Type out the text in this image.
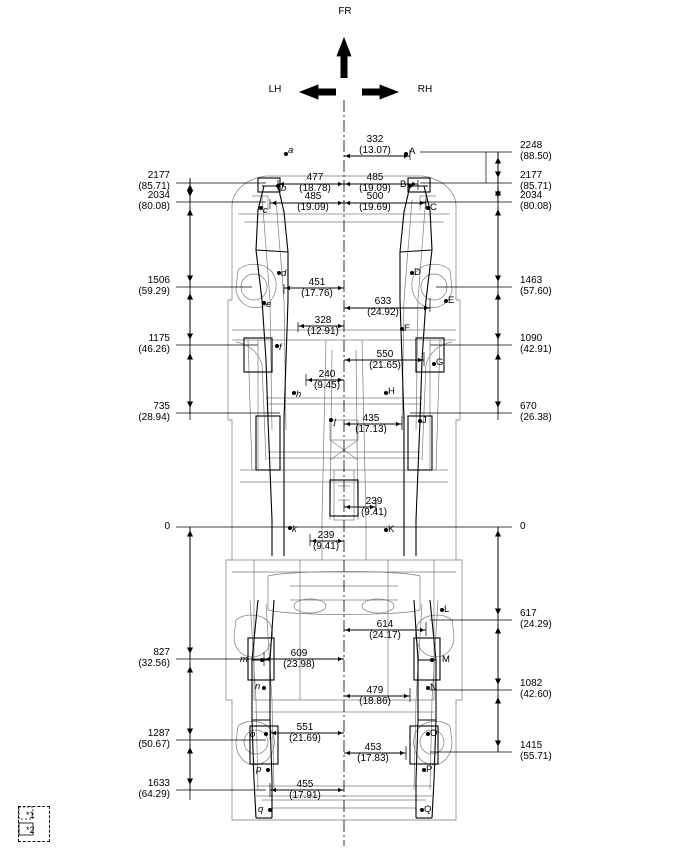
FR
LH	RH
2177
(85.71)
2034
(80.08)
1506
(59.29)
1175
(46.26)
735
(28.94)
0
827
(32.56)
1287
(50.67)
1633
(64.29)
2248
(88.50)
2177
(85.71)
2034
(80.08)
1463
(57.60)
1090
(42.91)
670
(26.38)
0
617
(24.29)
1082
(42.60)
1415
(55.71)
332
(13.07)
477
(18.78)
485
(19.09)
485
(19.09)
500
(19.69)
451
(17.76)
633
(24.92)
328
(12.91)
550
(21.65)
240
(9.45)
435
(17.13)
239
(9.41)
239
(9.41)
614
(24.17)
609
(23.98)
479
(18.86)
551
(21.69)
453
(17.83)
455
(17.91)
a
b
c
d
e
f
h
j
k
m
n
o
p
q
A
B
C
D
E
F
G
H
J
K
L
M
N
O
P
Q
*1
*2
